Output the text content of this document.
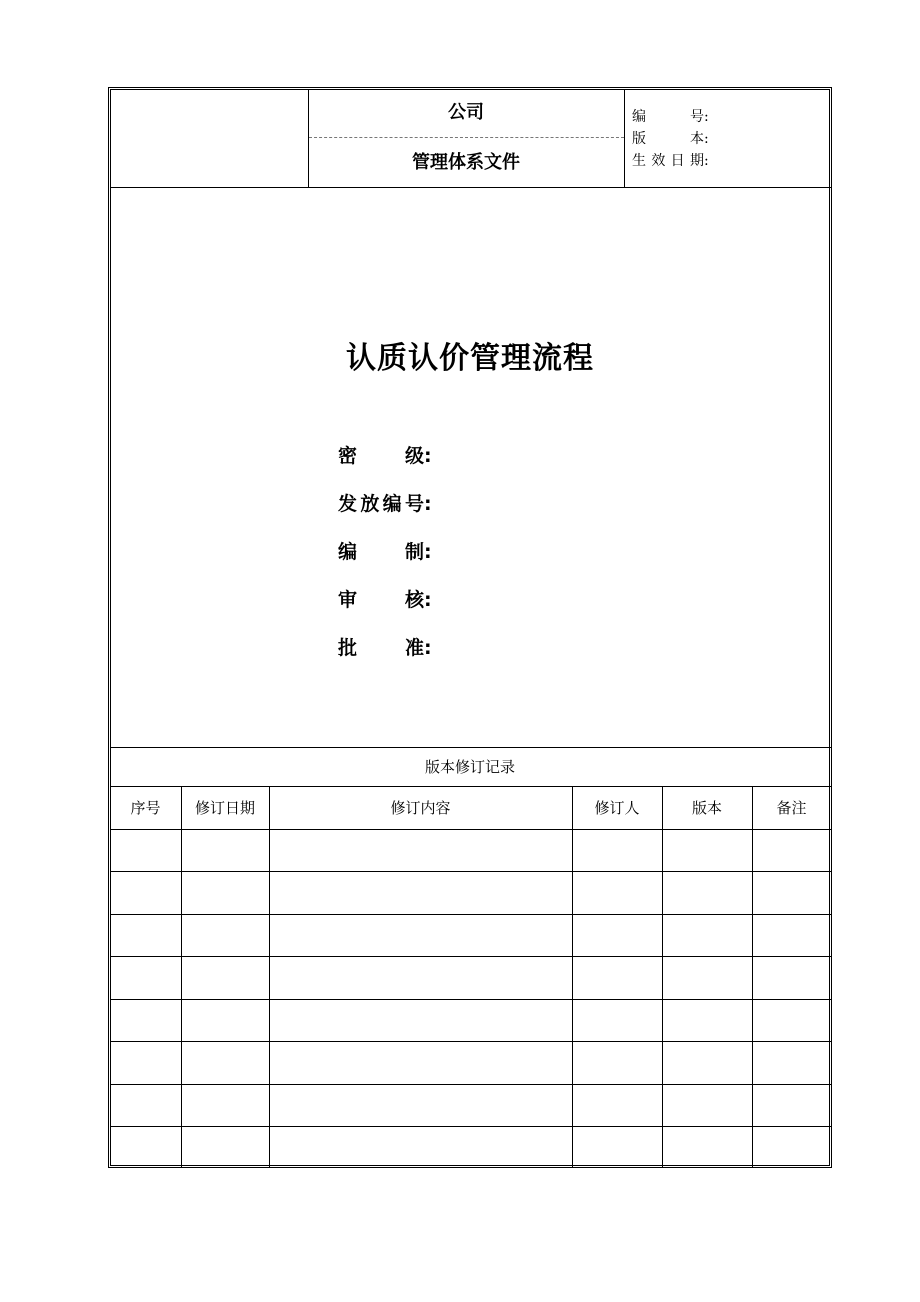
公司
管理体系文件
编号:
版本:
生效日期:
认质认价管理流程
密级:
发放编号:
编制:
审核:
批准:
版本修订记录
序号	修订日期	修订内容	修订人	版本	备注
